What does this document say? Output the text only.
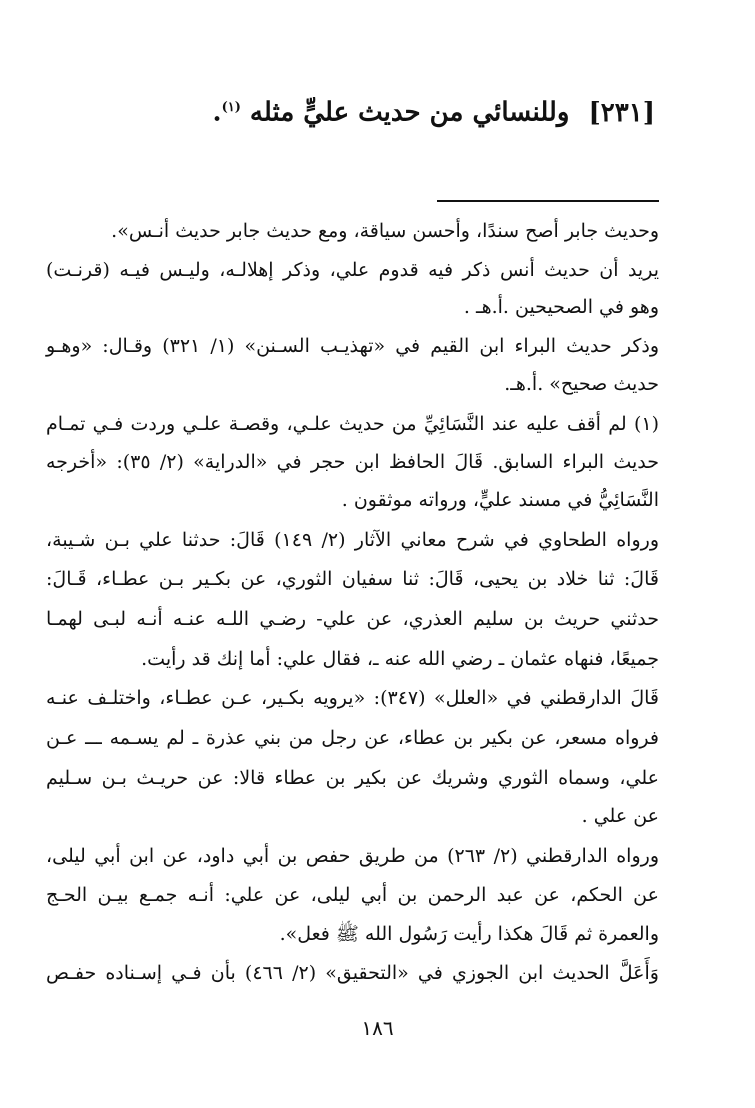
[٢٣١] وللنسائي من حديث عليٍّ مثله $^{(١)}$.

وحديث جابر أصح سندًا، وأحسن سياقة، ومع حديث جابر حديث أنـس».

يريد أن حديث أنس ذكر فيه قدوم علي، وذكر إهلالـه، وليـس فيـه (قرنـت)

وهو في الصحيحين .أ.هـ .

وذكر حديث البراء ابن القيم في «تهذيـب السـنن» (١/ ٣٢١) وقـال: «وهـو

حديث صحيح» .أ.هـ.

(١) لم أقف عليه عند النَّسَائِيِّ من حديث علـي، وقصـة علـي وردت فـي تمـام

حديث البراء السابق. قَالَ الحافظ ابن حجر في «الدراية» (٢/ ٣٥): «أخرجه

النَّسَائِيُّ في مسند عليٍّ، ورواته موثقون .

ورواه الطحاوي في شرح معاني الآثار (٢/ ١٤٩) قَالَ: حدثنا علي بـن شـيبة،

قَالَ: ثنا خلاد بن يحيى، قَالَ: ثنا سفيان الثوري، عن بكـير بـن عطـاء، قَـالَ:

حدثني حريث بن سليم العذري، عن علي- رضـي اللـه عنـه أنـه لبـى لهمـا

جميعًا، فنهاه عثمان ـ رضي الله عنه ـ، فقال علي: أما إنك قد رأيت.

قَالَ الدارقطني في «العلل» (٣٤٧): «يرويه بكـير، عـن عطـاء، واختلـف عنـه

فرواه مسعر، عن بكير بن عطاء، عن رجل من بني عذرة ـ لم يسـمه ـــ عـن

علي، وسماه الثوري وشريك عن بكير بن عطاء قالا: عن حريـث بـن سـليم

عن علي .

ورواه الدارقطني (٢/ ٢٦٣) من طريق حفص بن أبي داود، عن ابن أبي ليلى،

عن الحكم، عن عبد الرحمن بن أبي ليلى، عن علي: أنـه جمـع بيـن الحـج

والعمرة ثم قَالَ هكذا رأيت رَسُول الله ﷺ فعل».

وَأَعَلَّ الحديث ابن الجوزي في «التحقيق» (٢/ ٤٦٦) بأن فـي إسـناده حفـص

١٨٦
